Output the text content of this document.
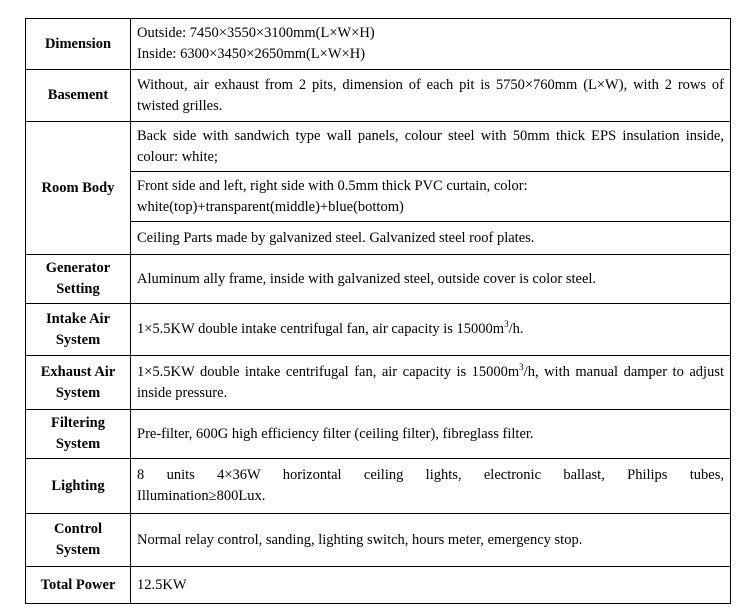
Dimension	Outside: 7450×3550×3100mm(L×W×H)
Inside: 6300×3450×2650mm(L×W×H)

Basement	Without, air exhaust from 2 pits, dimension of each pit is 5750×760mm (L×W), with 2 rows of twisted grilles.
Room Body	Back side with sandwich type wall panels, colour steel with 50mm thick EPS insulation inside, colour: white;

	Front side and left, right side with 0.5mm thick PVC curtain, color:
white(top)+transparent(middle)+blue(bottom)

	Ceiling Parts made by galvanized steel. Galvanized steel roof plates.

Generator
Setting	Aluminum ally frame, inside with galvanized steel, outside cover is color steel.

Intake Air
System	1×5.5KW double intake centrifugal fan, air capacity is $15000m^3/h$.

Exhaust Air
System	1×5.5KW double intake centrifugal fan, air capacity is $15000m^3/h$, with manual damper to adjust inside pressure.

Filtering
System	Pre-filter, 600G high efficiency filter (ceiling filter), fibreglass filter.
Lighting	8 units 4×36W horizontal ceiling lights, electronic ballast, Philips tubes,
Illumination≥800Lux.

Control
System	Normal relay control, sanding, lighting switch, hours meter, emergency stop.
Total Power	12.5KW
